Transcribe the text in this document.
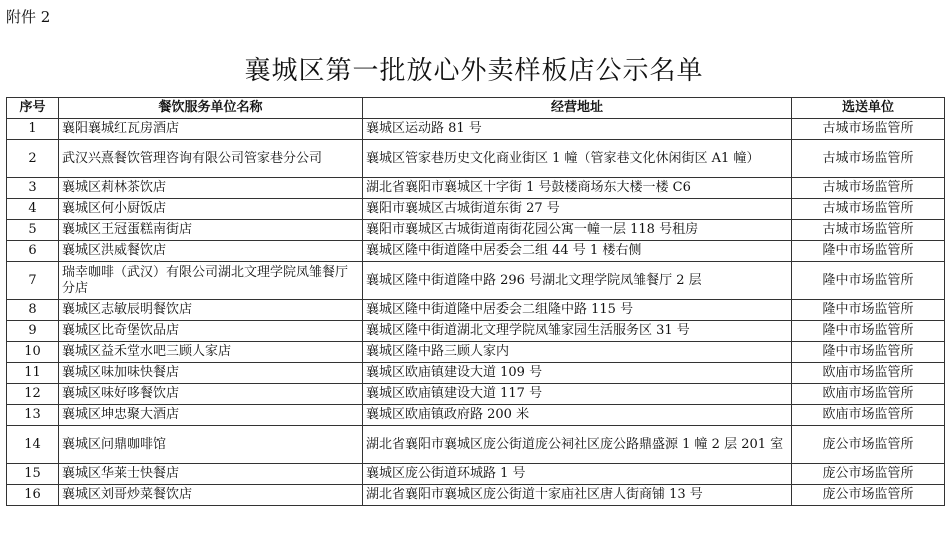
附件 2
襄城区第一批放心外卖样板店公示名单
序号	餐饮服务单位名称	经营地址	选送单位
1	襄阳襄城红瓦房酒店	襄城区运动路 81 号	古城市场监管所
2	武汉兴熹餐饮管理咨询有限公司管家巷分公司	襄城区管家巷历史文化商业街区 1 幢（管家巷文化休闲街区 A1 幢）	古城市场监管所
3	襄城区莉林茶饮店	湖北省襄阳市襄城区十字街 1 号鼓楼商场东大楼一楼 C6	古城市场监管所
4	襄城区何小厨饭店	襄阳市襄城区古城街道东街 27 号	古城市场监管所
5	襄城区王冠蛋糕南街店	襄阳市襄城区古城街道南街花园公寓一幢一层 118 号租房	古城市场监管所
6	襄城区洪威餐饮店	襄城区隆中街道隆中居委会二组 44 号 1 楼右侧	隆中市场监管所
7	瑞幸咖啡（武汉）有限公司湖北文理学院凤雏餐厅分店	襄城区隆中街道隆中路 296 号湖北文理学院凤雏餐厅 2 层	隆中市场监管所
8	襄城区志敏辰明餐饮店	襄城区隆中街道隆中居委会二组隆中路 115 号	隆中市场监管所
9	襄城区比奇堡饮品店	襄城区隆中街道湖北文理学院凤雏家园生活服务区 31 号	隆中市场监管所
10	襄城区益禾堂水吧三顾人家店	襄城区隆中路三顾人家内	隆中市场监管所
11	襄城区味加味快餐店	襄城区欧庙镇建设大道 109 号	欧庙市场监管所
12	襄城区味好哆餐饮店	襄城区欧庙镇建设大道 117 号	欧庙市场监管所
13	襄城区坤忠聚大酒店	襄城区欧庙镇政府路 200 米	欧庙市场监管所
14	襄城区问鼎咖啡馆	湖北省襄阳市襄城区庞公街道庞公祠社区庞公路鼎盛源 1 幢 2 层 201 室	庞公市场监管所
15	襄城区华莱士快餐店	襄城区庞公街道环城路 1 号	庞公市场监管所
16	襄城区刘哥炒菜餐饮店	湖北省襄阳市襄城区庞公街道十家庙社区唐人街商铺 13 号	庞公市场监管所
